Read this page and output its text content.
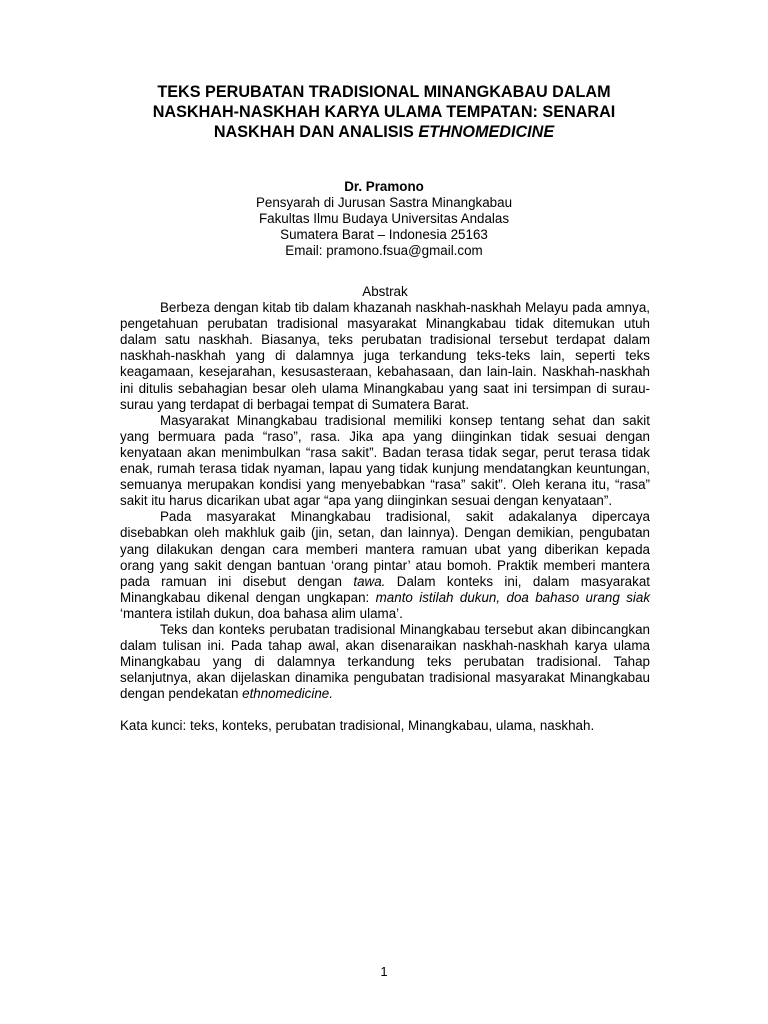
TEKS PERUBATAN TRADISIONAL MINANGKABAU DALAM
NASKHAH-NASKHAH KARYA ULAMA TEMPATAN: SENARAI
NASKHAH DAN ANALISIS ETHNOMEDICINE
Dr. Pramono
Pensyarah di Jurusan Sastra Minangkabau
Fakultas Ilmu Budaya Universitas Andalas
Sumatera Barat – Indonesia 25163
Email: pramono.fsua@gmail.com
Abstrak

Berbeza dengan kitab tib dalam khazanah naskhah-naskhah Melayu pada amnya, pengetahuan perubatan tradisional masyarakat Minangkabau tidak ditemukan utuh dalam satu naskhah. Biasanya, teks perubatan tradisional tersebut terdapat dalam naskhah-naskhah yang di dalamnya juga terkandung teks-teks lain, seperti teks keagamaan, kesejarahan, kesusasteraan, kebahasaan, dan lain-lain. Naskhah-naskhah ini ditulis sebahagian besar oleh ulama Minangkabau yang saat ini tersimpan di surau-surau yang terdapat di berbagai tempat di Sumatera Barat.

Masyarakat Minangkabau tradisional memiliki konsep tentang sehat dan sakit yang bermuara pada “raso”, rasa. Jika apa yang diinginkan tidak sesuai dengan kenyataan akan menimbulkan “rasa sakit”. Badan terasa tidak segar, perut terasa tidak enak, rumah terasa tidak nyaman, lapau yang tidak kunjung mendatangkan keuntungan, semuanya merupakan kondisi yang menyebabkan “rasa” sakit”. Oleh kerana itu, “rasa” sakit itu harus dicarikan ubat agar “apa yang diinginkan sesuai dengan kenyataan”.

Pada masyarakat Minangkabau tradisional, sakit adakalanya dipercaya disebabkan oleh makhluk gaib (jin, setan, dan lainnya). Dengan demikian, pengubatan yang dilakukan dengan cara memberi mantera ramuan ubat yang diberikan kepada orang yang sakit dengan bantuan ‘orang pintar’ atau bomoh. Praktik memberi mantera pada ramuan ini disebut dengan tawa. Dalam konteks ini, dalam masyarakat Minangkabau dikenal dengan ungkapan: manto istilah dukun, doa bahaso urang siak ‘mantera istilah dukun, doa bahasa alim ulama’.

Teks dan konteks perubatan tradisional Minangkabau tersebut akan dibincangkan dalam tulisan ini. Pada tahap awal, akan disenaraikan naskhah-naskhah karya ulama Minangkabau yang di dalamnya terkandung teks perubatan tradisional. Tahap selanjutnya, akan dijelaskan dinamika pengubatan tradisional masyarakat Minangkabau dengan pendekatan ethnomedicine.

Kata kunci: teks, konteks, perubatan tradisional, Minangkabau, ulama, naskhah.

1
